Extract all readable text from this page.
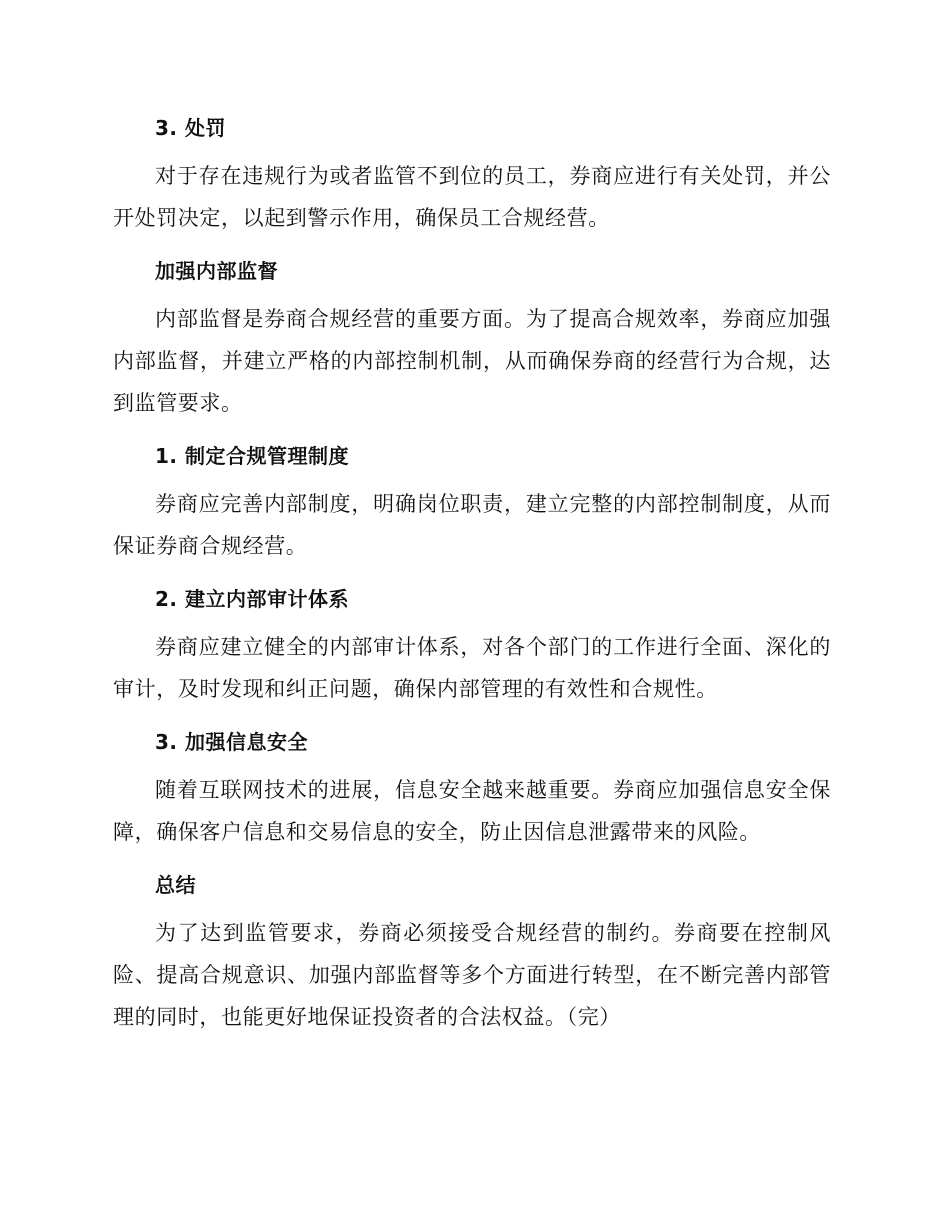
3. 处罚

对于存在违规行为或者监管不到位的员工，券商应进行有关处罚，并公开处罚决定，以起到警示作用，确保员工合规经营。

加强内部监督

内部监督是券商合规经营的重要方面。为了提高合规效率，券商应加强内部监督，并建立严格的内部控制机制，从而确保券商的经营行为合规，达到监管要求。

1. 制定合规管理制度

券商应完善内部制度，明确岗位职责，建立完整的内部控制制度，从而保证券商合规经营。

2. 建立内部审计体系

券商应建立健全的内部审计体系，对各个部门的工作进行全面、深化的审计，及时发现和纠正问题，确保内部管理的有效性和合规性。

3. 加强信息安全

随着互联网技术的进展，信息安全越来越重要。券商应加强信息安全保障，确保客户信息和交易信息的安全，防止因信息泄露带来的风险。

总结

为了达到监管要求，券商必须接受合规经营的制约。券商要在控制风险、提高合规意识、加强内部监督等多个方面进行转型，在不断完善内部管理的同时，也能更好地保证投资者的合法权益。（完）
